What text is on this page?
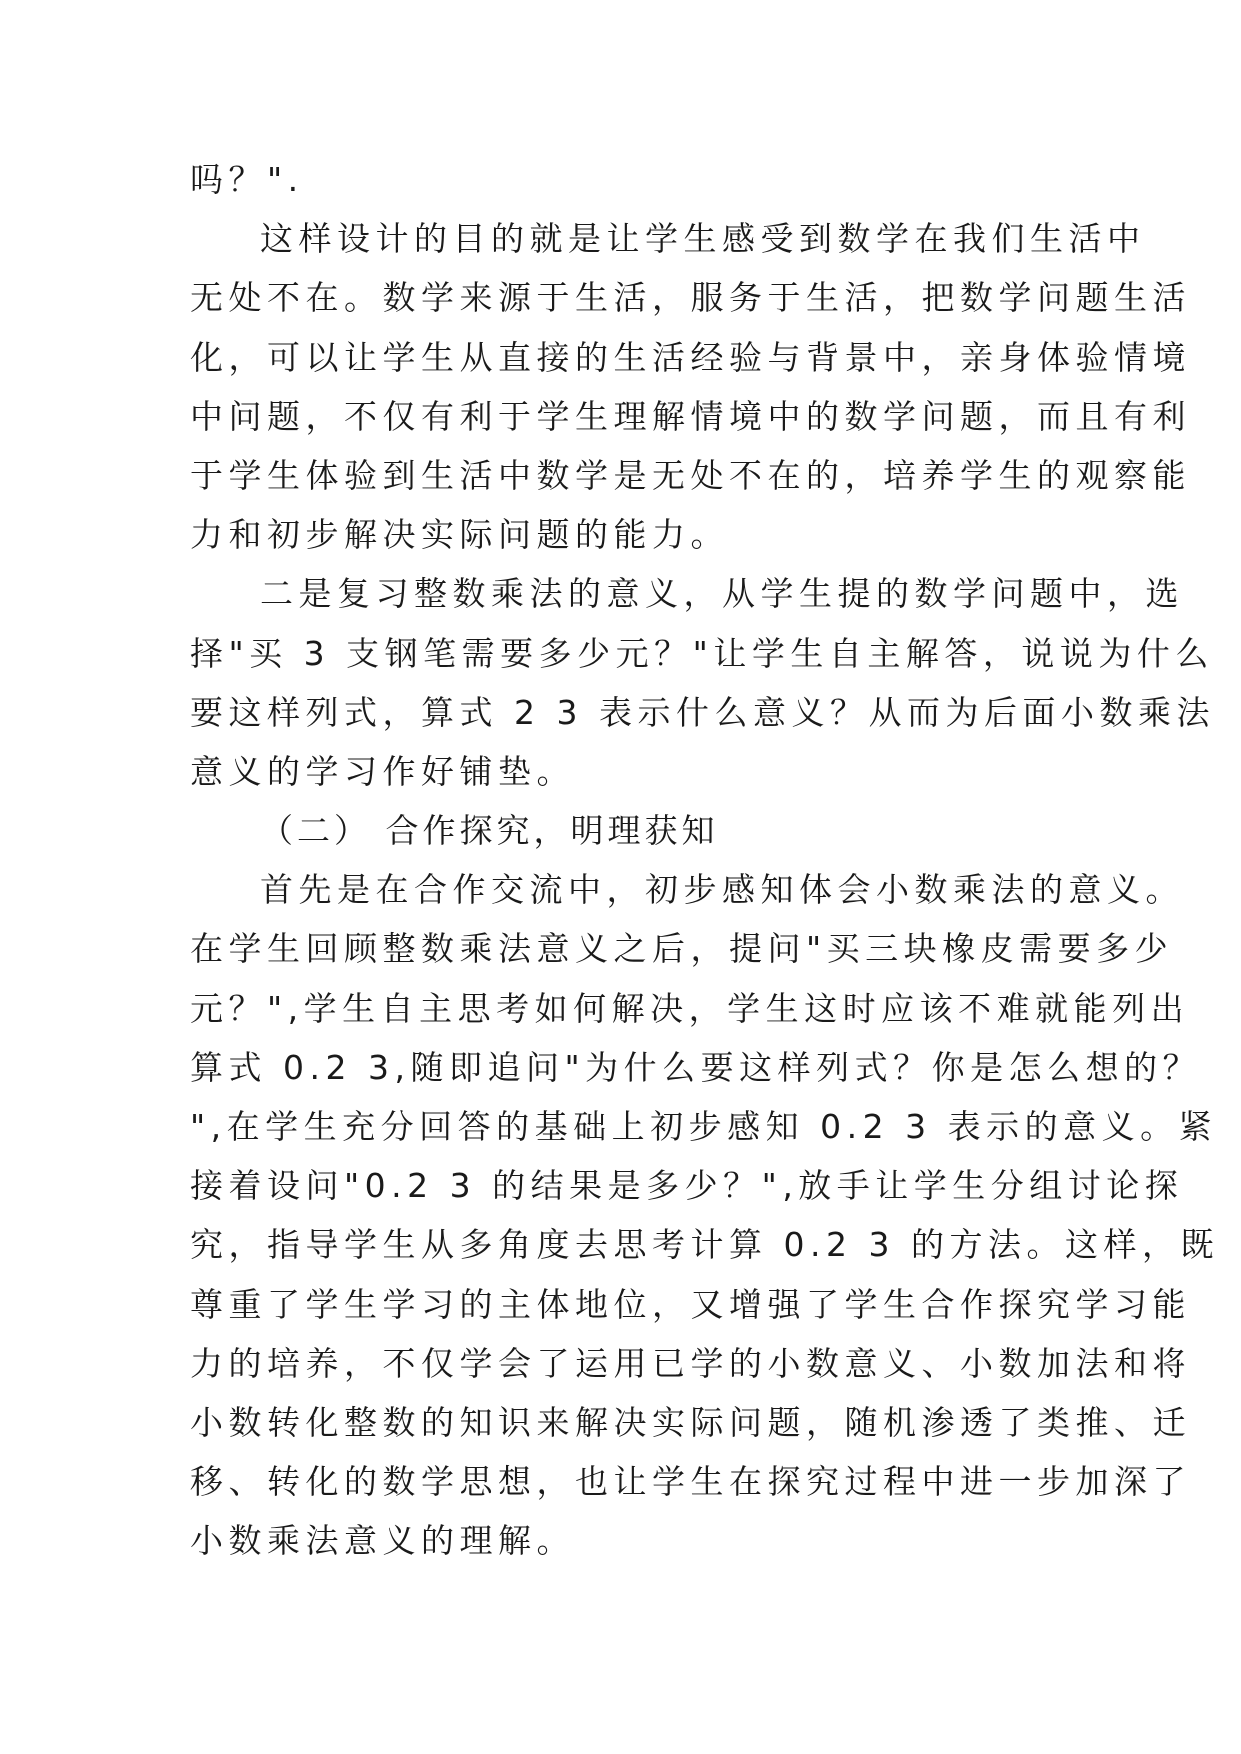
吗？".

这样设计的目的就是让学生感受到数学在我们生活中

无处不在。数学来源于生活，服务于生活，把数学问题生活

化，可以让学生从直接的生活经验与背景中，亲身体验情境

中问题，不仅有利于学生理解情境中的数学问题，而且有利

于学生体验到生活中数学是无处不在的，培养学生的观察能

力和初步解决实际问题的能力。

二是复习整数乘法的意义，从学生提的数学问题中，选

择"买 3 支钢笔需要多少元？"让学生自主解答，说说为什么

要这样列式，算式 2 3 表示什么意义？从而为后面小数乘法

意义的学习作好铺垫。

（二） 合作探究，明理获知

首先是在合作交流中，初步感知体会小数乘法的意义。

在学生回顾整数乘法意义之后，提问"买三块橡皮需要多少

元？",学生自主思考如何解决，学生这时应该不难就能列出

算式 0.2 3,随即追问"为什么要这样列式？你是怎么想的？

",在学生充分回答的基础上初步感知 0.2 3 表示的意义。紧

接着设问"0.2 3 的结果是多少？",放手让学生分组讨论探

究，指导学生从多角度去思考计算 0.2 3 的方法。这样，既

尊重了学生学习的主体地位，又增强了学生合作探究学习能

力的培养，不仅学会了运用已学的小数意义、小数加法和将

小数转化整数的知识来解决实际问题，随机渗透了类推、迁

移、转化的数学思想，也让学生在探究过程中进一步加深了

小数乘法意义的理解。
